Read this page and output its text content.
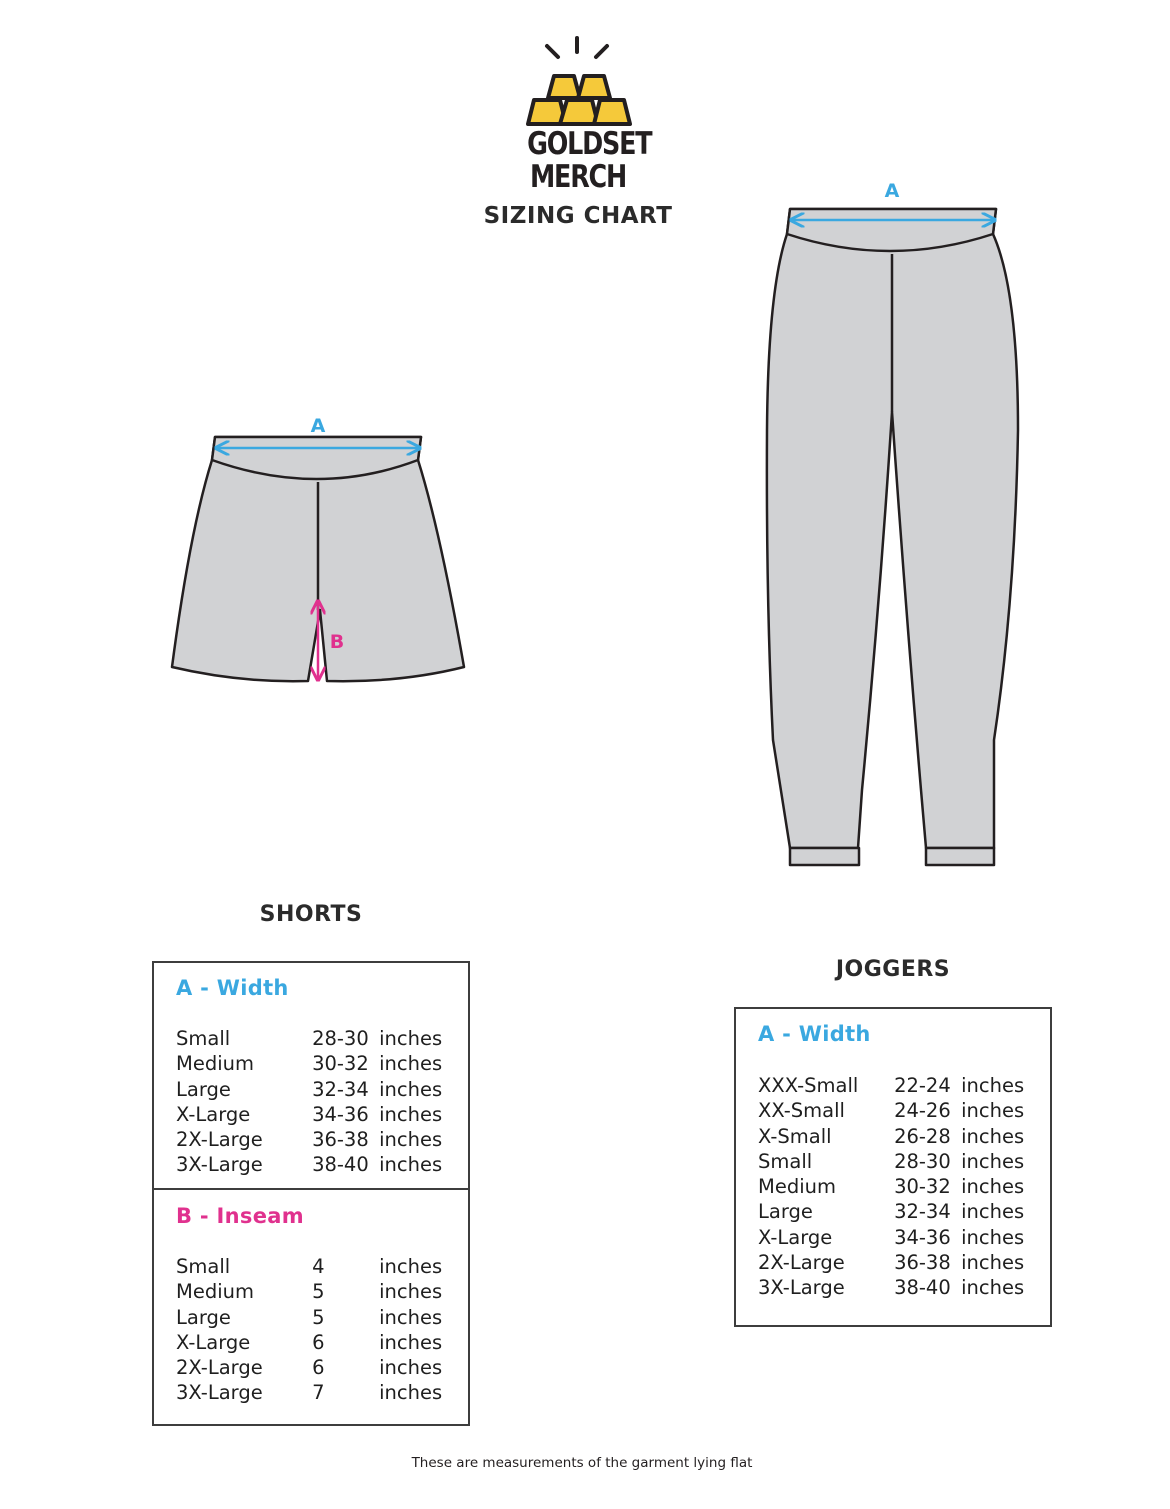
GOLDSET
MERCH
SIZING CHART
A
B
A
SHORTS
A - Width
Small	28-30 inches
Medium	30-32 inches
Large	32-34 inches
X-Large	34-36 inches
2X-Large	36-38 inches
3X-Large	38-40 inches
B - Inseam
Small	4	inches
Medium	5	inches
Large	5	inches
X-Large	6	inches
2X-Large	6	inches
3X-Large	7	inches
JOGGERS
A - Width
XXX-Small	22-24 inches
XX-Small	24-26 inches
X-Small	26-28 inches
Small	28-30 inches
Medium	30-32 inches
Large	32-34 inches
X-Large	34-36 inches
2X-Large	36-38 inches
3X-Large	38-40 inches
These are measurements of the garment lying flat
